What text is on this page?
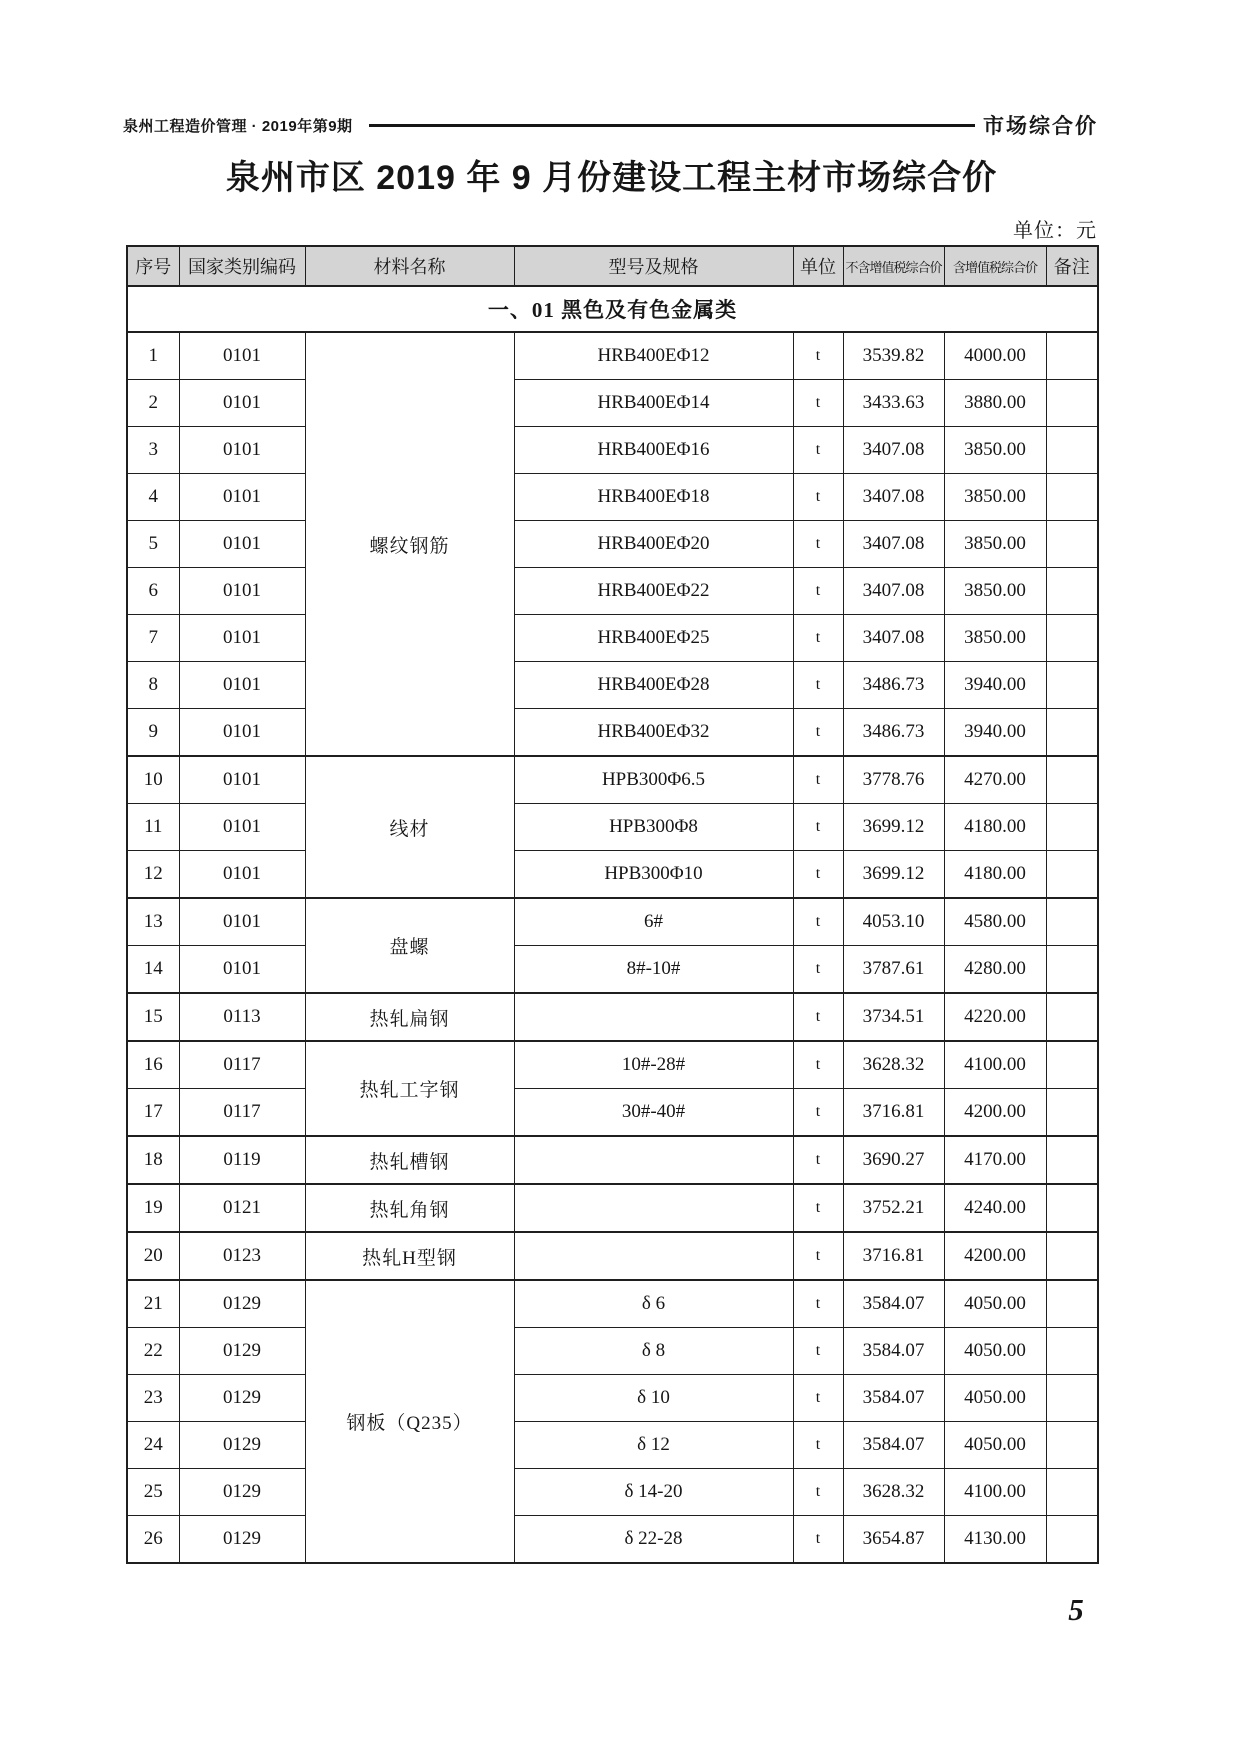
泉州工程造价管理 · 2019年第9期	市场综合价
泉州市区 2019 年 9 月份建设工程主材市场综合价
单位：元
序号	国家类别编码	材料名称	型号及规格	单位	不含增值税综合价	含增值税综合价	备注
一、01 黑色及有色金属类							
1	0101	螺纹钢筋	HRB400EΦ12	t	3539.82	4000.00	
2	0101		HRB400EΦ14	t	3433.63	3880.00	
3	0101		HRB400EΦ16	t	3407.08	3850.00	
4	0101		HRB400EΦ18	t	3407.08	3850.00	
5	0101		HRB400EΦ20	t	3407.08	3850.00	
6	0101		HRB400EΦ22	t	3407.08	3850.00	
7	0101		HRB400EΦ25	t	3407.08	3850.00	
8	0101		HRB400EΦ28	t	3486.73	3940.00	
9	0101		HRB400EΦ32	t	3486.73	3940.00	
10	0101	线材	HPB300Φ6.5	t	3778.76	4270.00	
11	0101		HPB300Φ8	t	3699.12	4180.00	
12	0101		HPB300Φ10	t	3699.12	4180.00	
13	0101	盘螺	6#	t	4053.10	4580.00	
14	0101		8#-10#	t	3787.61	4280.00	
15	0113	热轧扁钢		t	3734.51	4220.00	
16	0117	热轧工字钢	10#-28#	t	3628.32	4100.00	
17	0117		30#-40#	t	3716.81	4200.00	
18	0119	热轧槽钢		t	3690.27	4170.00	
19	0121	热轧角钢		t	3752.21	4240.00	
20	0123	热轧H型钢		t	3716.81	4200.00	
21	0129	钢板（Q235）	δ 6	t	3584.07	4050.00	
22	0129		δ 8	t	3584.07	4050.00	
23	0129		δ 10	t	3584.07	4050.00	
24	0129		δ 12	t	3584.07	4050.00	
25	0129		δ 14-20	t	3628.32	4100.00	
26	0129		δ 22-28	t	3654.87	4130.00	
5
